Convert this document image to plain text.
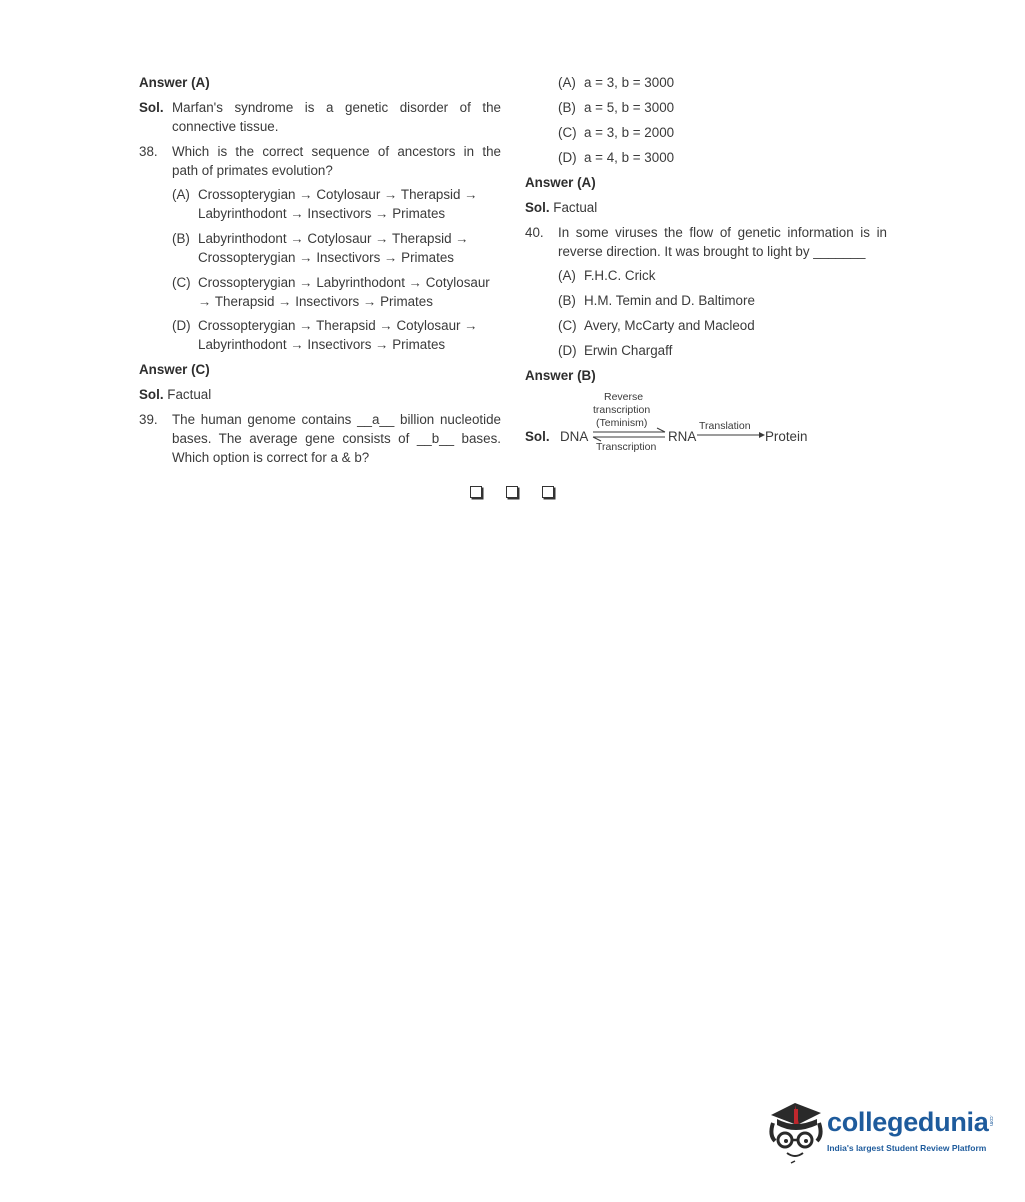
Answer (A)
Sol. Marfan's syndrome is a genetic disorder of the
connective tissue.
38. Which is the correct sequence of ancestors in the
path of primates evolution?
(A) Crossopterygian → Cotylosaur → Therapsid →
Labyrinthodont → Insectivors → Primates
(B) Labyrinthodont → Cotylosaur → Therapsid →
Crossopterygian → Insectivors → Primates
(C) Crossopterygian → Labyrinthodont → Cotylosaur
→ Therapsid → Insectivors → Primates
(D) Crossopterygian → Therapsid → Cotylosaur →
Labyrinthodont → Insectivors → Primates
Answer (C)
Sol. Factual
39. The human genome contains __a__ billion nucleotide
bases. The average gene consists of __b__ bases.
Which option is correct for a & b?
(A) a = 3, b = 3000
(B) a = 5, b = 3000
(C) a = 3, b = 2000
(D) a = 4, b = 3000
Answer (A)
Sol. Factual
40. In some viruses the flow of genetic information is in
reverse direction. It was brought to light by _______
(A) F.H.C. Crick
(B) H.M. Temin and D. Baltimore
(C) Avery, McCarty and Macleod
(D) Erwin Chargaff
Answer (B)
Sol. DNA
Reverse
transcription
(Teminism)
Transcription
RNA
Translation
Protein
collegedunia .com
India's largest Student Review Platform
